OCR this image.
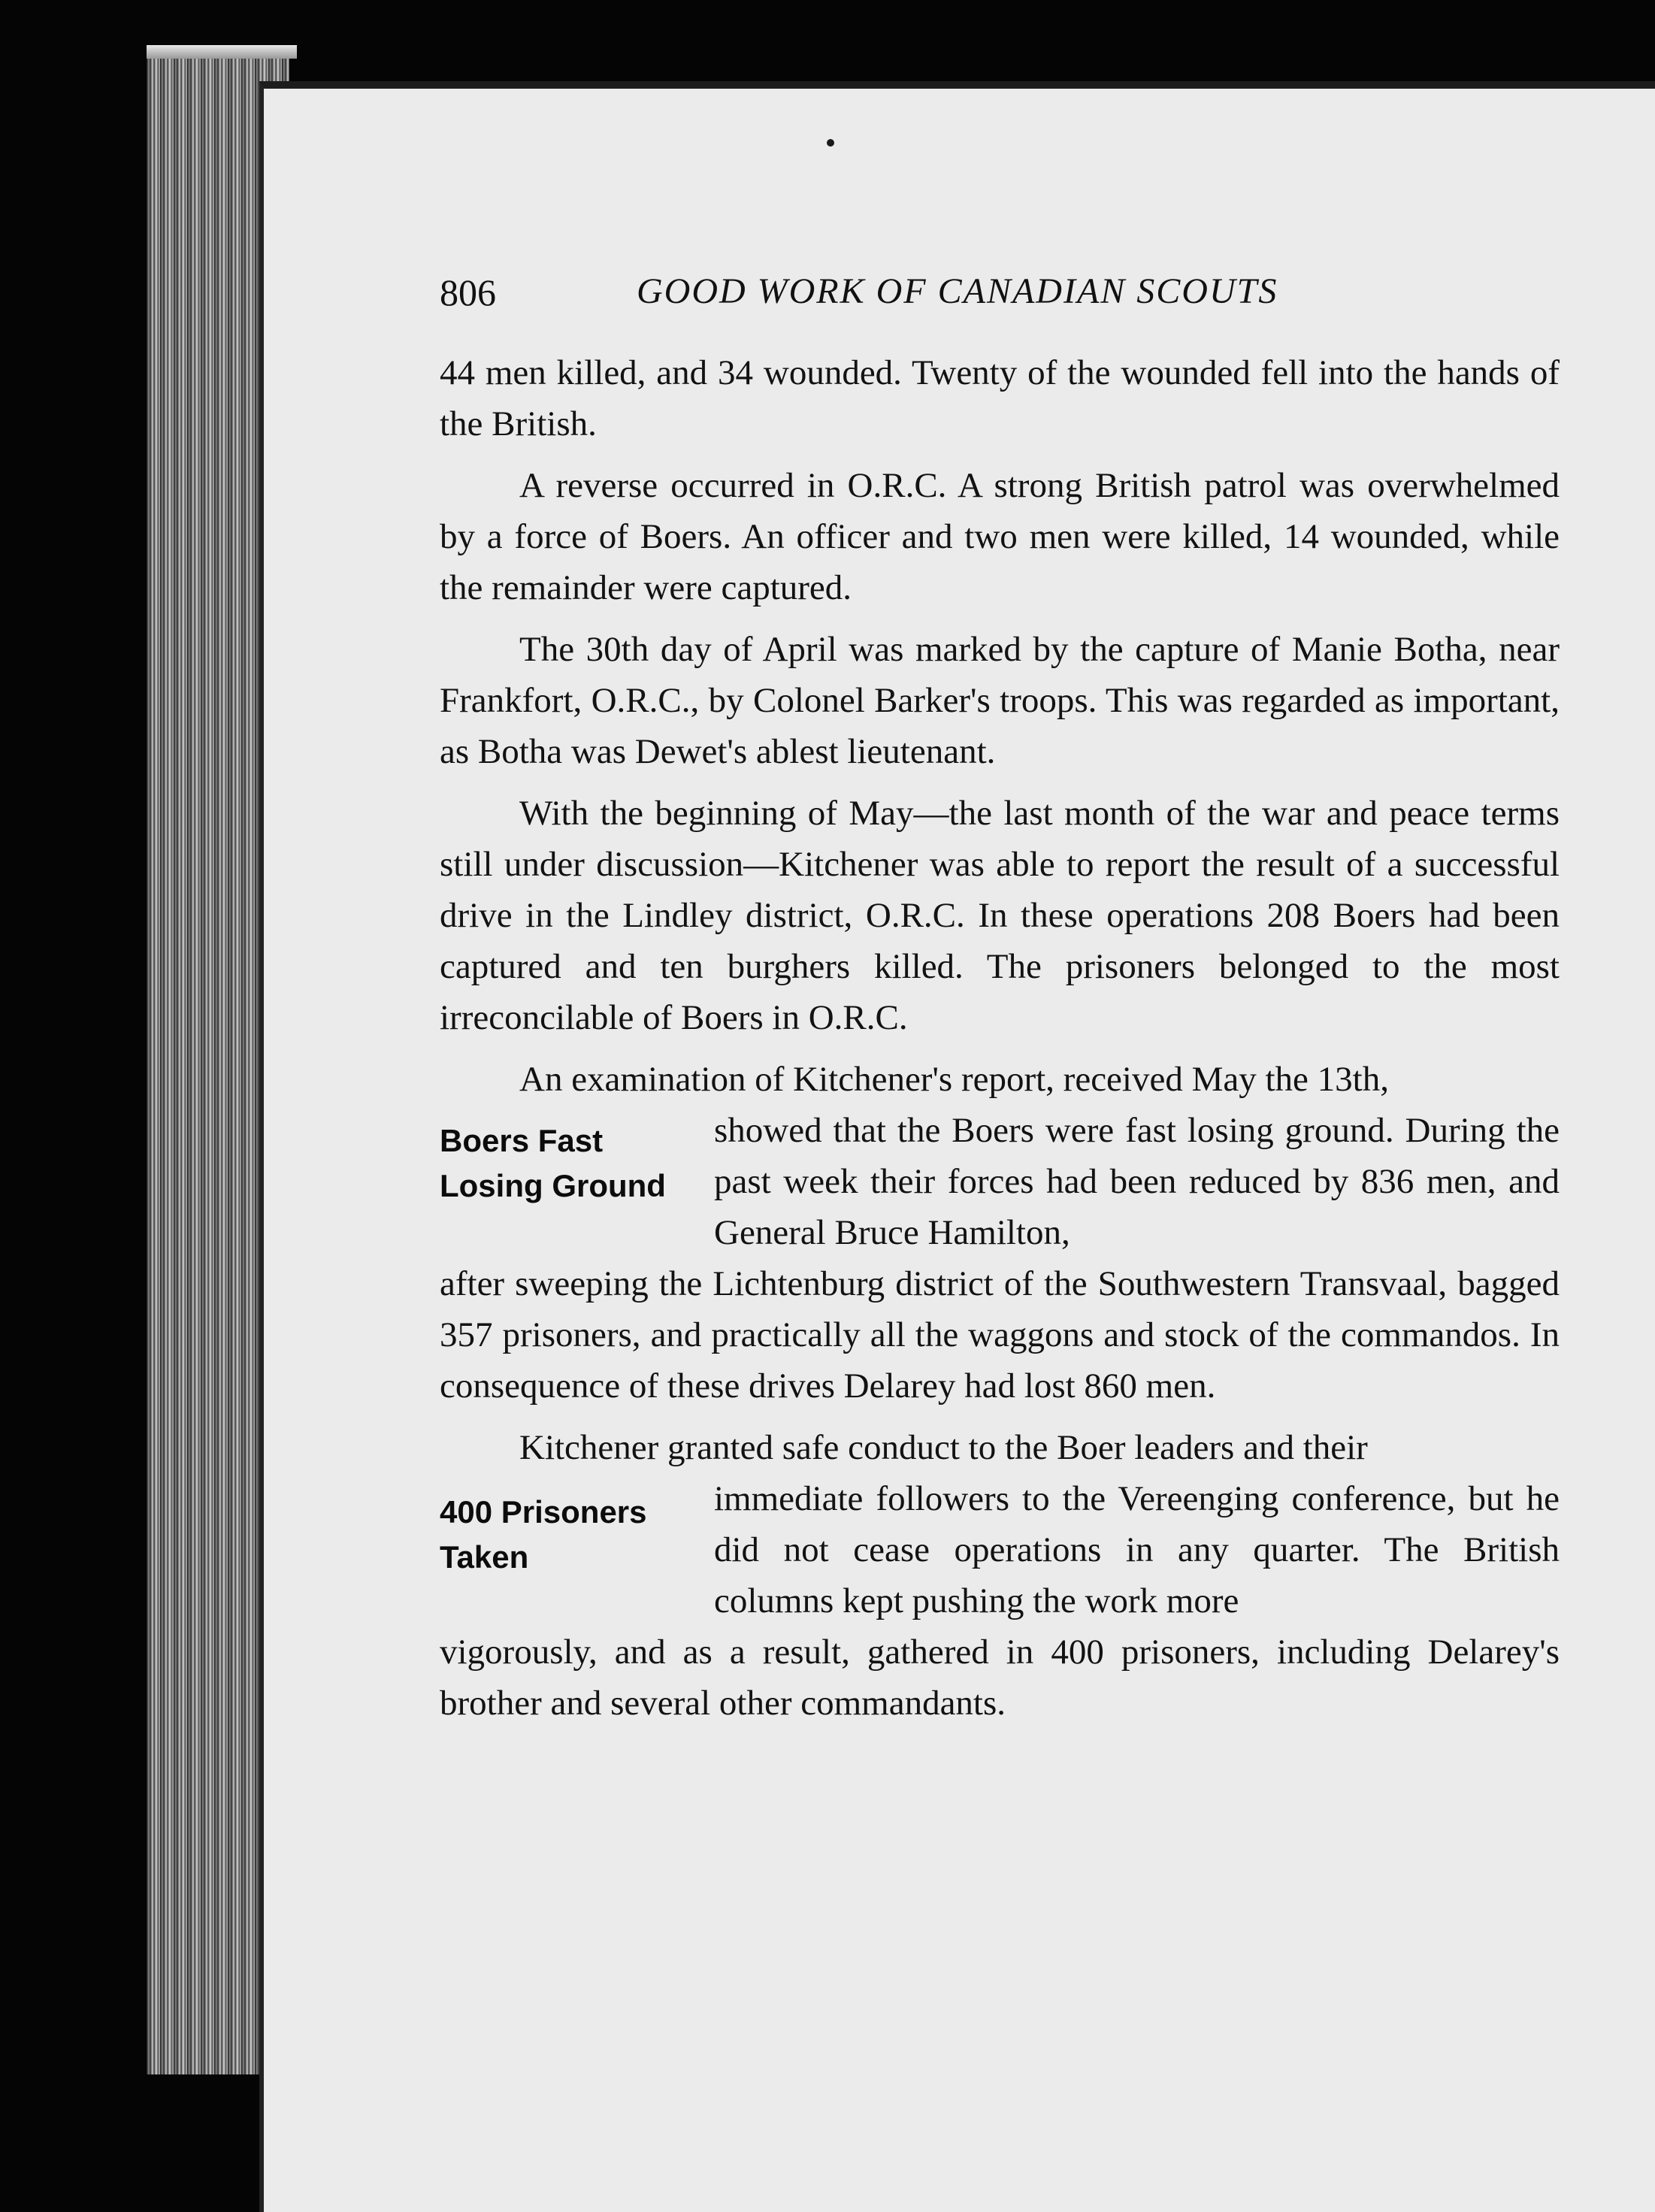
806	GOOD WORK OF CANADIAN SCOUTS

44 men killed, and 34 wounded. Twenty of the wounded fell into the hands of the British.

A reverse occurred in O.R.C. A strong British patrol was overwhelmed by a force of Boers. An officer and two men were killed, 14 wounded, while the remainder were captured.

The 30th day of April was marked by the capture of Manie Botha, near Frankfort, O.R.C., by Colonel Barker's troops. This was regarded as important, as Botha was Dewet's ablest lieutenant.

With the beginning of May—the last month of the war and peace terms still under discussion—Kitchener was able to report the result of a successful drive in the Lindley district, O.R.C. In these operations 208 Boers had been captured and ten burghers killed. The prisoners belonged to the most irreconcilable of Boers in O.R.C.

An examination of Kitchener's report, received May the 13th,
Boers Fast Losing Ground
showed that the Boers were fast losing ground. During the past week their forces had been reduced by 836 men, and General Bruce Hamilton,
after sweeping the Lichtenburg district of the Southwestern Transvaal, bagged 357 prisoners, and practically all the waggons and stock of the commandos. In consequence of these drives Delarey had lost 860 men.
Kitchener granted safe conduct to the Boer leaders and their
400 Prisoners Taken
immediate followers to the Vereenging conference, but he did not cease operations in any quarter. The British columns kept pushing the work more
vigorously, and as a result, gathered in 400 prisoners, including Delarey's brother and several other commandants.
